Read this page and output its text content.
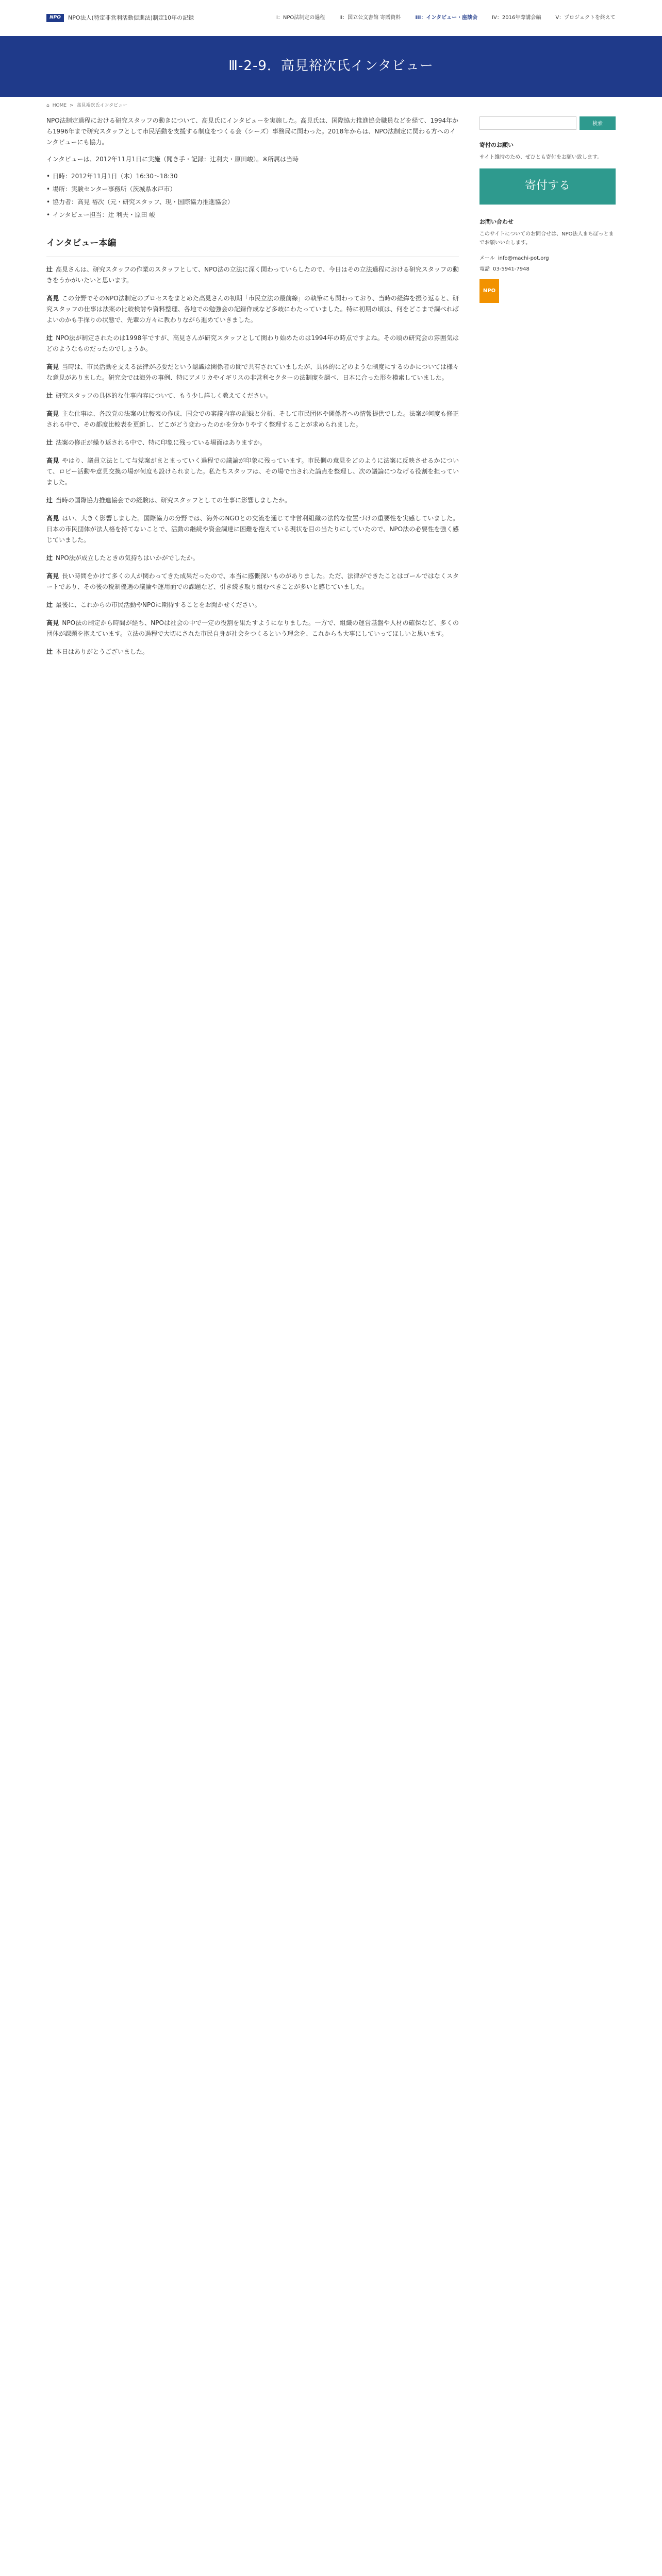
NPO	NPO法人(特定非営利活動促進法)制定10年の記録	I：NPO法制定の過程	II：国立公文書館 寄贈資料	III：インタビュー・座談会	IV：2016年際講会編	V：プロジェクトを終えて
Ⅲ-2-9．高見裕次氏インタビュー
⌂ HOME > 高見裕次氏インタビュー

NPO法制定過程における研究スタッフの動きについて、高見氏にインタビューを実施した。高見氏は、国際協力推進協会職員などを経て、1994年から1996年まで研究スタッフとして市民活動を支援する制度をつくる会（シーズ）事務局に関わった。2018年からは、NPO法制定に関わる方へのインタビューにも協力。

インタビューは、2012年11月1日に実施（聞き手・記録：辻利夫・原田峻）。※所属は当時

• 日時：2012年11月1日（木）16:30〜18:30
• 場所：実験センター事務所（茨城県水戸市）
• 協力者：高見 裕次（元・研究スタッフ、現・国際協力推進協会）
• インタビュー担当：辻 利夫・原田 峻
インタビュー本編

辻 高見さんは、研究スタッフの作業のスタッフとして、NPO法の立法に深く関わっていらしたので、今日はその立法過程における研究スタッフの動きをうかがいたいと思います。

高見 この分野でそのNPO法制定のプロセスをまとめた高見さんの初期「市民立法の最前線」の執筆にも関わっており、当時の経緯を振り返ると、研究スタッフの仕事は法案の比較検討や資料整理、各地での勉強会の記録作成など多岐にわたっていました。特に初期の頃は、何をどこまで調べればよいのかも手探りの状態で、先輩の方々に教わりながら進めていきました。

辻 NPO法が制定されたのは1998年ですが、高見さんが研究スタッフとして関わり始めたのは1994年の時点ですよね。その頃の研究会の雰囲気はどのようなものだったのでしょうか。

高見 当時は、市民活動を支える法律が必要だという認識は関係者の間で共有されていましたが、具体的にどのような制度にするのかについては様々な意見がありました。研究会では海外の事例、特にアメリカやイギリスの非営利セクターの法制度を調べ、日本に合った形を模索していました。

辻 研究スタッフの具体的な仕事内容について、もう少し詳しく教えてください。

高見 主な仕事は、各政党の法案の比較表の作成、国会での審議内容の記録と分析、そして市民団体や関係者への情報提供でした。法案が何度も修正される中で、その都度比較表を更新し、どこがどう変わったのかを分かりやすく整理することが求められました。

辻 法案の修正が繰り返される中で、特に印象に残っている場面はありますか。

高見 やはり、議員立法として与党案がまとまっていく過程での議論が印象に残っています。市民側の意見をどのように法案に反映させるかについて、ロビー活動や意見交換の場が何度も設けられました。私たちスタッフは、その場で出された論点を整理し、次の議論につなげる役割を担っていました。

辻 当時の国際協力推進協会での経験は、研究スタッフとしての仕事に影響しましたか。

高見 はい、大きく影響しました。国際協力の分野では、海外のNGOとの交流を通じて非営利組織の法的な位置づけの重要性を実感していました。日本の市民団体が法人格を持てないことで、活動の継続や資金調達に困難を抱えている現状を目の当たりにしていたので、NPO法の必要性を強く感じていました。

辻 NPO法が成立したときの気持ちはいかがでしたか。

高見 長い時間をかけて多くの人が関わってきた成果だったので、本当に感慨深いものがありました。ただ、法律ができたことはゴールではなくスタートであり、その後の税制優遇の議論や運用面での課題など、引き続き取り組むべきことが多いと感じていました。

辻 最後に、これからの市民活動やNPOに期待することをお聞かせください。

高見 NPO法の制定から時間が経ち、NPOは社会の中で一定の役割を果たすようになりました。一方で、組織の運営基盤や人材の確保など、多くの団体が課題を抱えています。立法の過程で大切にされた市民自身が社会をつくるという理念を、これからも大事にしていってほしいと思います。

辻 本日はありがとうございました。

検索
寄付のお願い

サイト維持のため、ぜひとも寄付をお願い致します。

寄付する
お問い合わせ

このサイトについてのお問合せは、NPO法人まちぽっとまでお願いいたします。

メール info@machi-pot.org
電話 03-5941-7948
NPO
